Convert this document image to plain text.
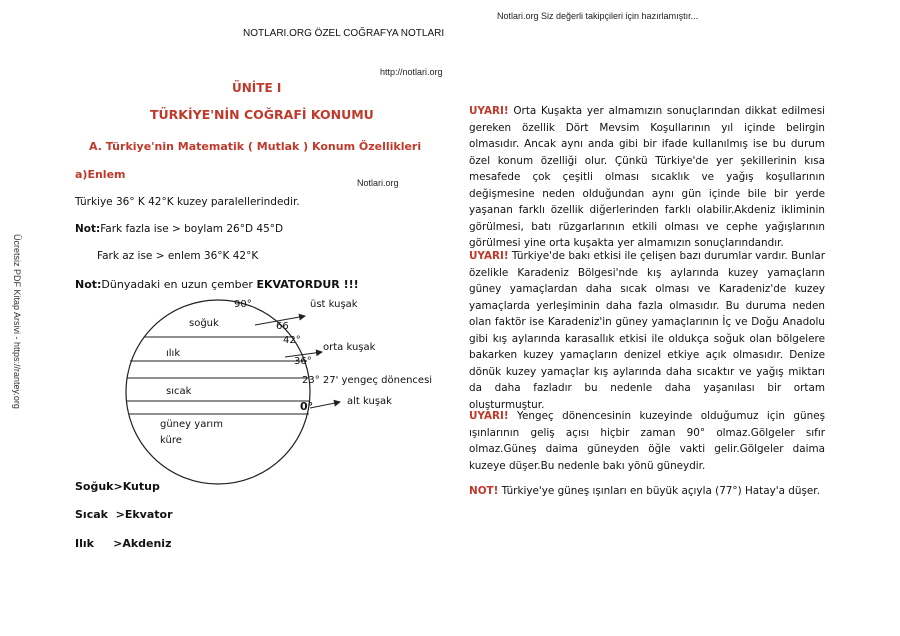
Notlari.org Siz değerli takipçileri için hazırlamıştır...
NOTLARI.ORG ÖZEL COĞRAFYA NOTLARI
http://notlari.org
Ücretsiz PDF Kitap Arsivi - https://rantey.org
ÜNİTE I
TÜRKİYE'NİN COĞRAFİ KONUMU
A. Türkiye'nin Matematik ( Mutlak ) Konum Özellikleri
a)Enlem
Notlari.org
Türkiye 36° K 42°K kuzey paralellerindedir.
Not:Fark fazla ise > boylam 26°D 45°D
Fark az ise > enlem 36°K 42°K
Not:Dünyadaki en uzun çember EKVATORDUR !!!
90°	üst kuşak
soğuk	66
42°
orta kuşak
ılık
36°
23° 27' yengeç dönencesi
sıcak
0°	alt kuşak
güney yarım
küre
Soğuk>Kutup
Sıcak  >Ekvator
Ilık     >Akdeniz

UYARI! Orta Kuşakta yer almamızın sonuçlarından dikkat edilmesi gereken özellik Dört Mevsim Koşullarının yıl içinde belirgin olmasıdır. Ancak aynı anda gibi bir ifade kullanılmış ise bu durum özel konum özelliği olur. Çünkü Türkiye'de yer şekillerinin kısa mesafede çok çeşitli olması sıcaklık ve yağış koşullarının değişmesine neden olduğundan aynı gün içinde bile bir yerde yaşanan farklı özellik diğerlerinden farklı olabilir.Akdeniz ikliminin görülmesi, batı rüzgarlarının etkili olması ve cephe yağışlarının görülmesi yine orta kuşakta yer almamızın sonuçlarındandır.

UYARI! Türkiye'de bakı etkisi ile çelişen bazı durumlar vardır. Bunlar özelikle Karadeniz Bölgesi'nde kış aylarında kuzey yamaçların güney yamaçlardan daha sıcak olması ve Karadeniz'de kuzey yamaçlarda yerleşiminin daha fazla olmasıdır. Bu duruma neden olan faktör ise Karadeniz'in güney yamaçlarının İç ve Doğu Anadolu gibi kış aylarında karasallık etkisi ile oldukça soğuk olan bölgelere bakarken kuzey yamaçların denizel etkiye açık olmasıdır. Denize dönük kuzey yamaçlar kış aylarında daha sıcaktır ve yağış miktarı da daha fazladır bu nedenle daha yaşanılası bir ortam oluşturmuştur.

UYARI! Yengeç dönencesinin kuzeyinde olduğumuz için güneş ışınlarının geliş açısı hiçbir zaman 90° olmaz.Gölgeler sıfır olmaz.Güneş daima güneyden öğle vakti gelir.Gölgeler daima kuzeye düşer.Bu nedenle bakı yönü güneydir.

NOT! Türkiye'ye güneş ışınları en büyük açıyla (77°) Hatay'a düşer.
